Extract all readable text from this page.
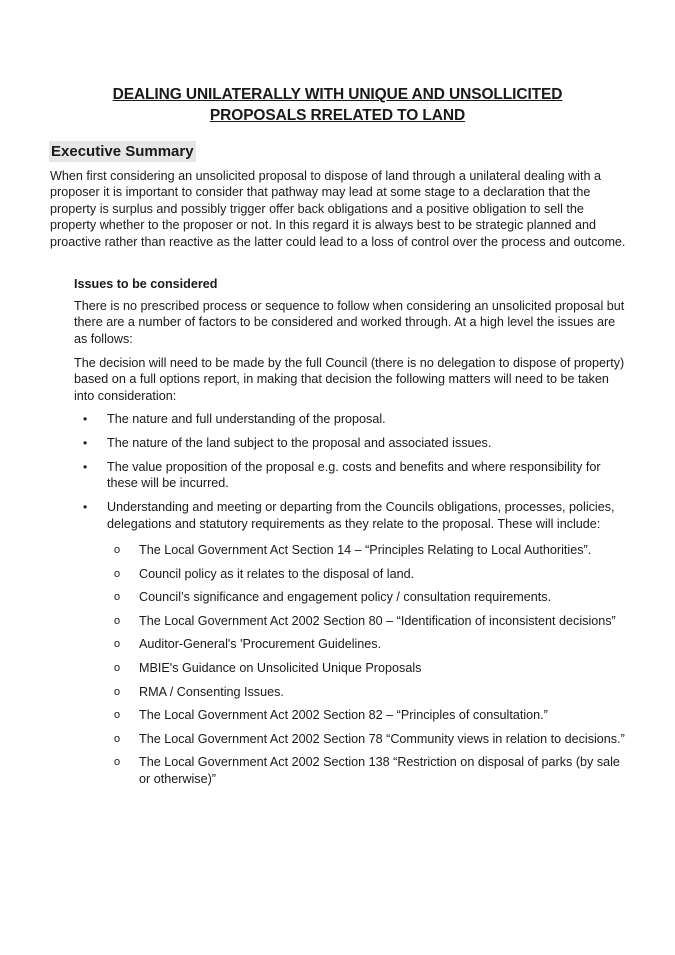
DEALING UNILATERALLY WITH UNIQUE AND UNSOLLICITED
PROPOSALS RRELATED TO LAND
Executive Summary
When first considering an unsolicited proposal to dispose of land through a unilateral dealing with a proposer it is important to consider that pathway may lead at some stage to a declaration that the property is surplus and possibly trigger offer back obligations and a positive obligation to sell the property whether to the proposer or not. In this regard it is always best to be strategic planned and proactive rather than reactive as the latter could lead to a loss of control over the process and outcome.
Issues to be considered
There is no prescribed process or sequence to follow when considering an unsolicited proposal but there are a number of factors to be considered and worked through. At a high level the issues are as follows:
The decision will need to be made by the full Council (there is no delegation to dispose of property) based on a full options report, in making that decision the following matters will need to be taken into consideration:
• The nature and full understanding of the proposal.
• The nature of the land subject to the proposal and associated issues.
• The value proposition of the proposal e.g. costs and benefits and where responsibility for these will be incurred.
• Understanding and meeting or departing from the Councils obligations, processes, policies, delegations and statutory requirements as they relate to the proposal. These will include:
o The Local Government Act Section 14 – “Principles Relating to Local Authorities”.
o Council policy as it relates to the disposal of land.
o Council’s significance and engagement policy / consultation requirements.
o The Local Government Act 2002 Section 80 – “Identification of inconsistent decisions”
o Auditor-General's 'Procurement Guidelines.
o MBIE's Guidance on Unsolicited Unique Proposals
o RMA / Consenting Issues.
o The Local Government Act 2002 Section 82 – “Principles of consultation.”
o The Local Government Act 2002 Section 78 “Community views in relation to decisions.”
o The Local Government Act 2002 Section 138 “Restriction on disposal of parks (by sale or otherwise)”
